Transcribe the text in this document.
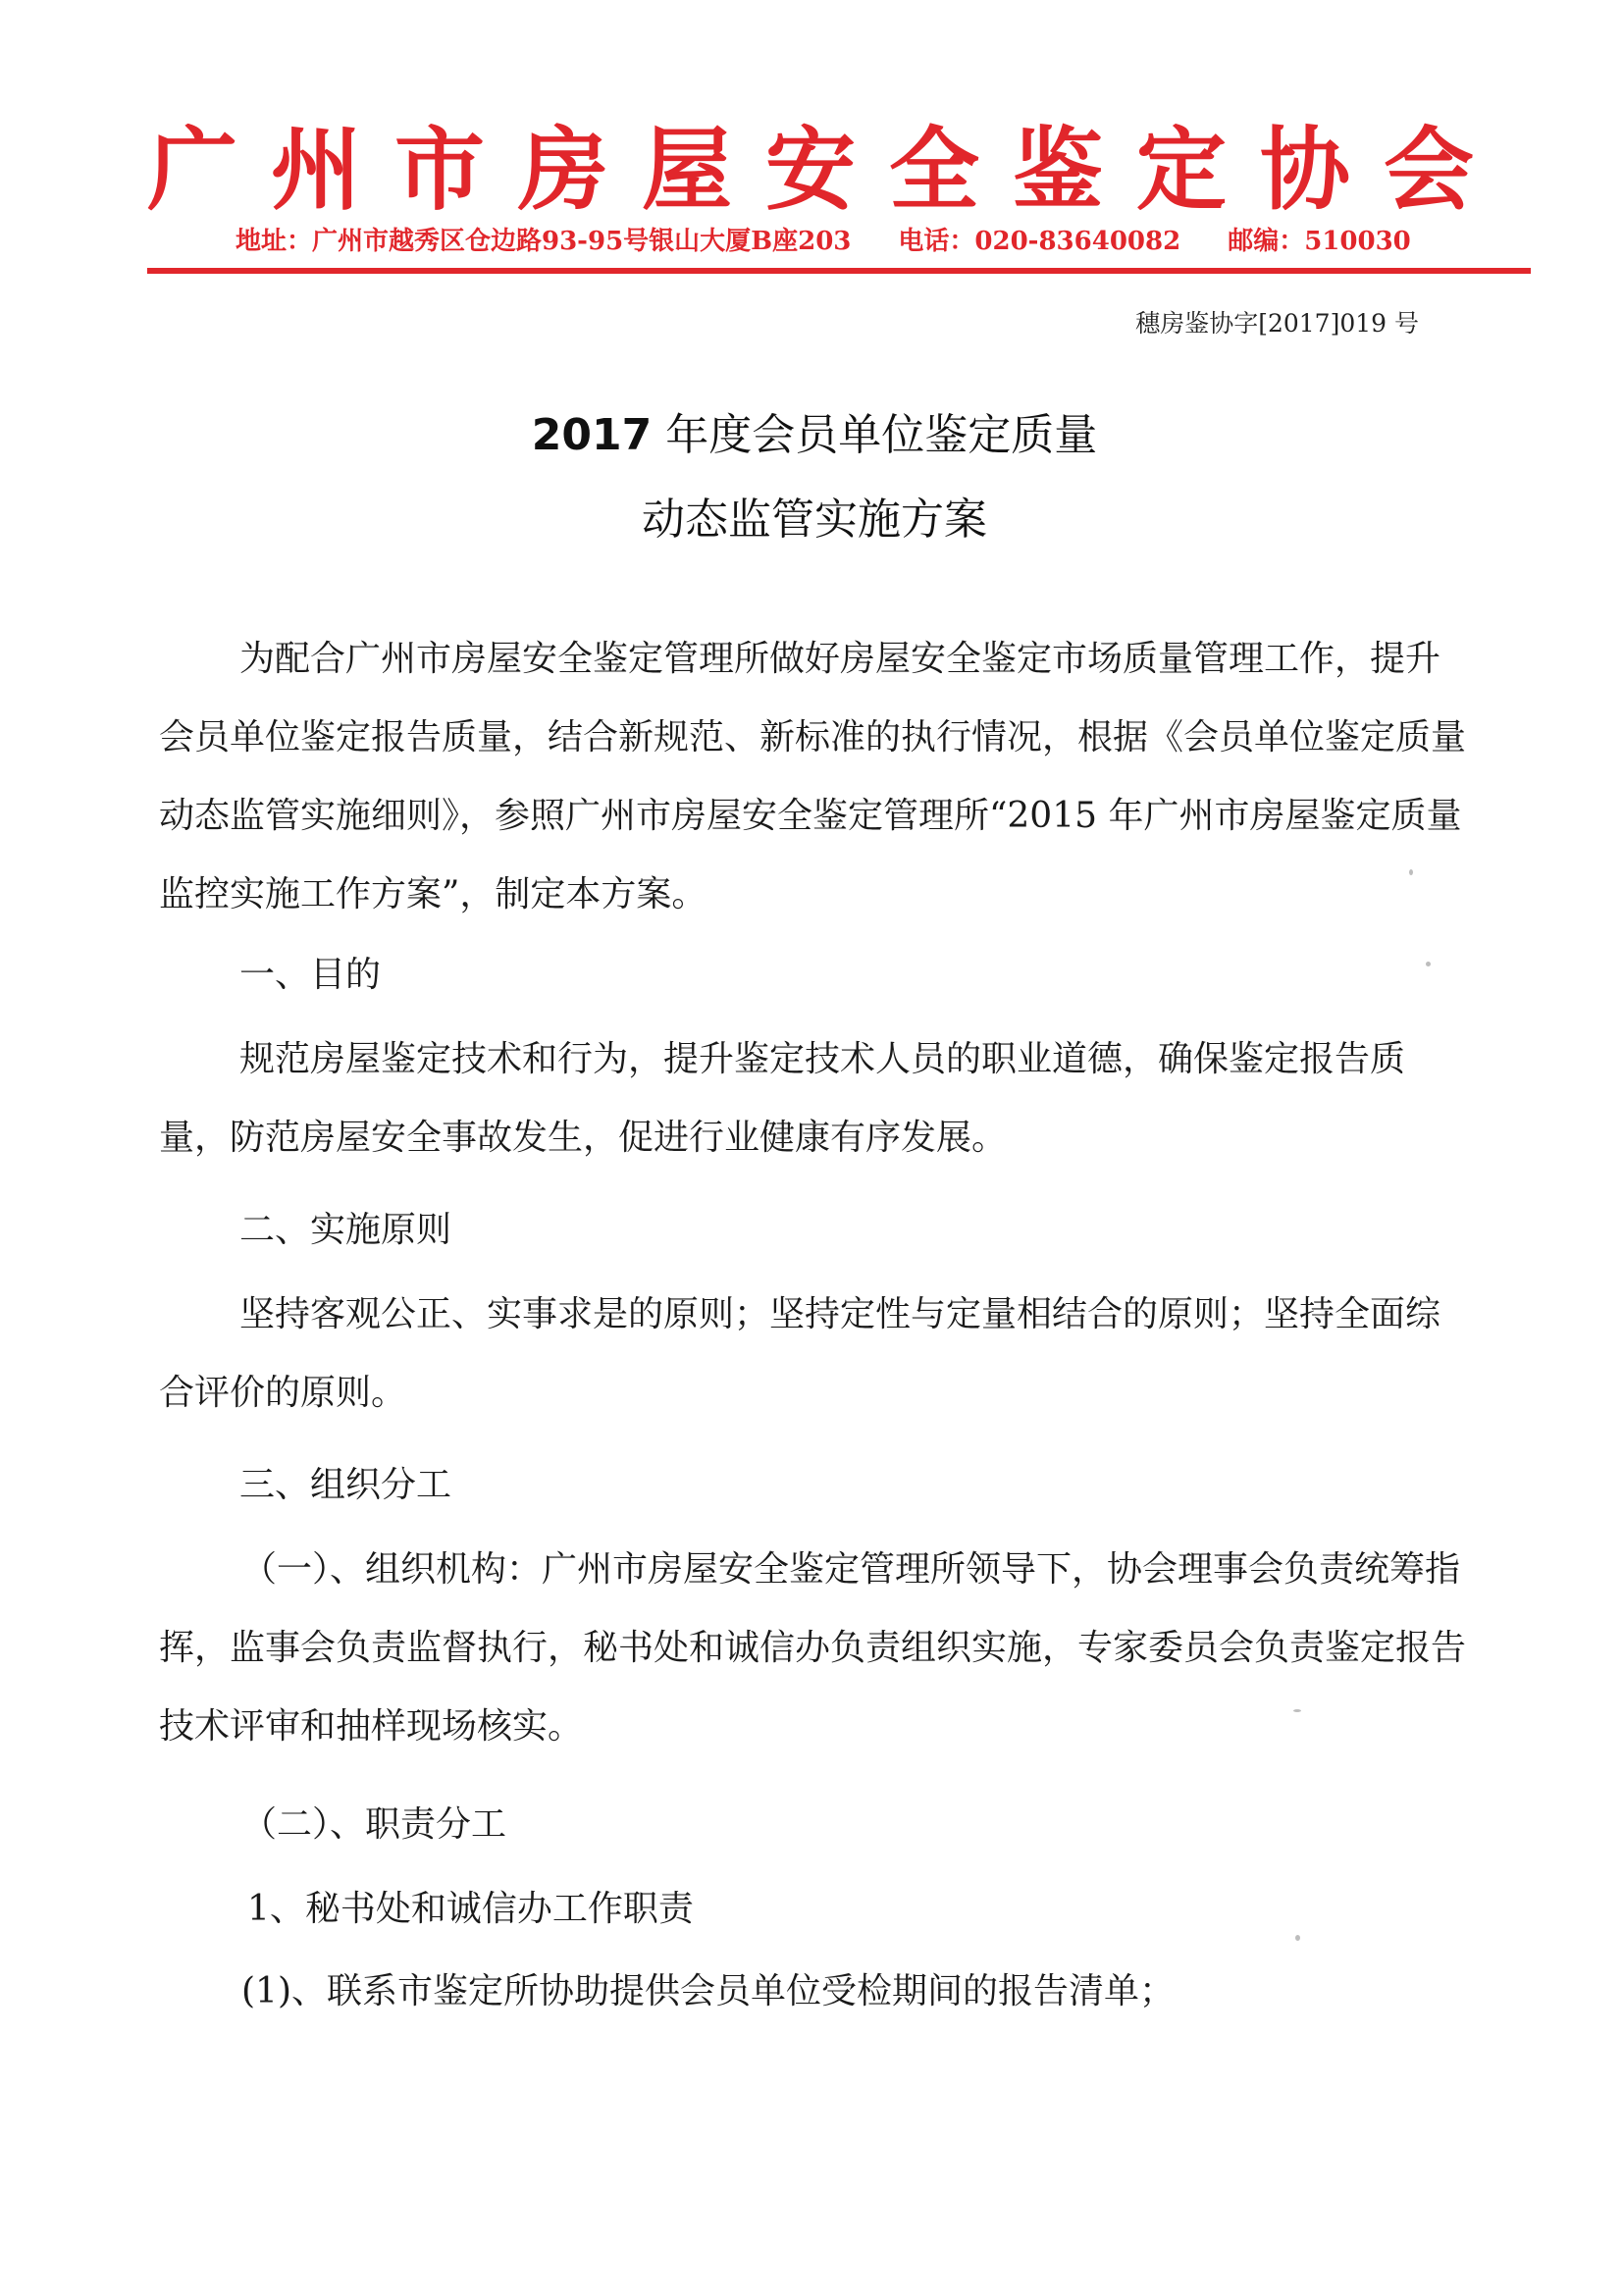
广州市房屋安全鉴定协会
地址：广州市越秀区仓边路93-95号银山大厦B座203 电话：020-83640082 邮编：510030
穗房鉴协字[2017]019 号
2017 年度会员单位鉴定质量
动态监管实施方案

为配合广州市房屋安全鉴定管理所做好房屋安全鉴定市场质量管理工作，提升会员单位鉴定报告质量，结合新规范、新标准的执行情况，根据《会员单位鉴定质量动态监管实施细则》，参照广州市房屋安全鉴定管理所“2015 年广州市房屋鉴定质量监控实施工作方案”，制定本方案。

一、目的

规范房屋鉴定技术和行为，提升鉴定技术人员的职业道德，确保鉴定报告质量，防范房屋安全事故发生，促进行业健康有序发展。

二、实施原则

坚持客观公正、实事求是的原则；坚持定性与定量相结合的原则；坚持全面综合评价的原则。

三、组织分工

（一）、组织机构：广州市房屋安全鉴定管理所领导下，协会理事会负责统筹指挥，监事会负责监督执行，秘书处和诚信办负责组织实施，专家委员会负责鉴定报告技术评审和抽样现场核实。

（二）、职责分工

1、秘书处和诚信办工作职责

(1)、联系市鉴定所协助提供会员单位受检期间的报告清单；
